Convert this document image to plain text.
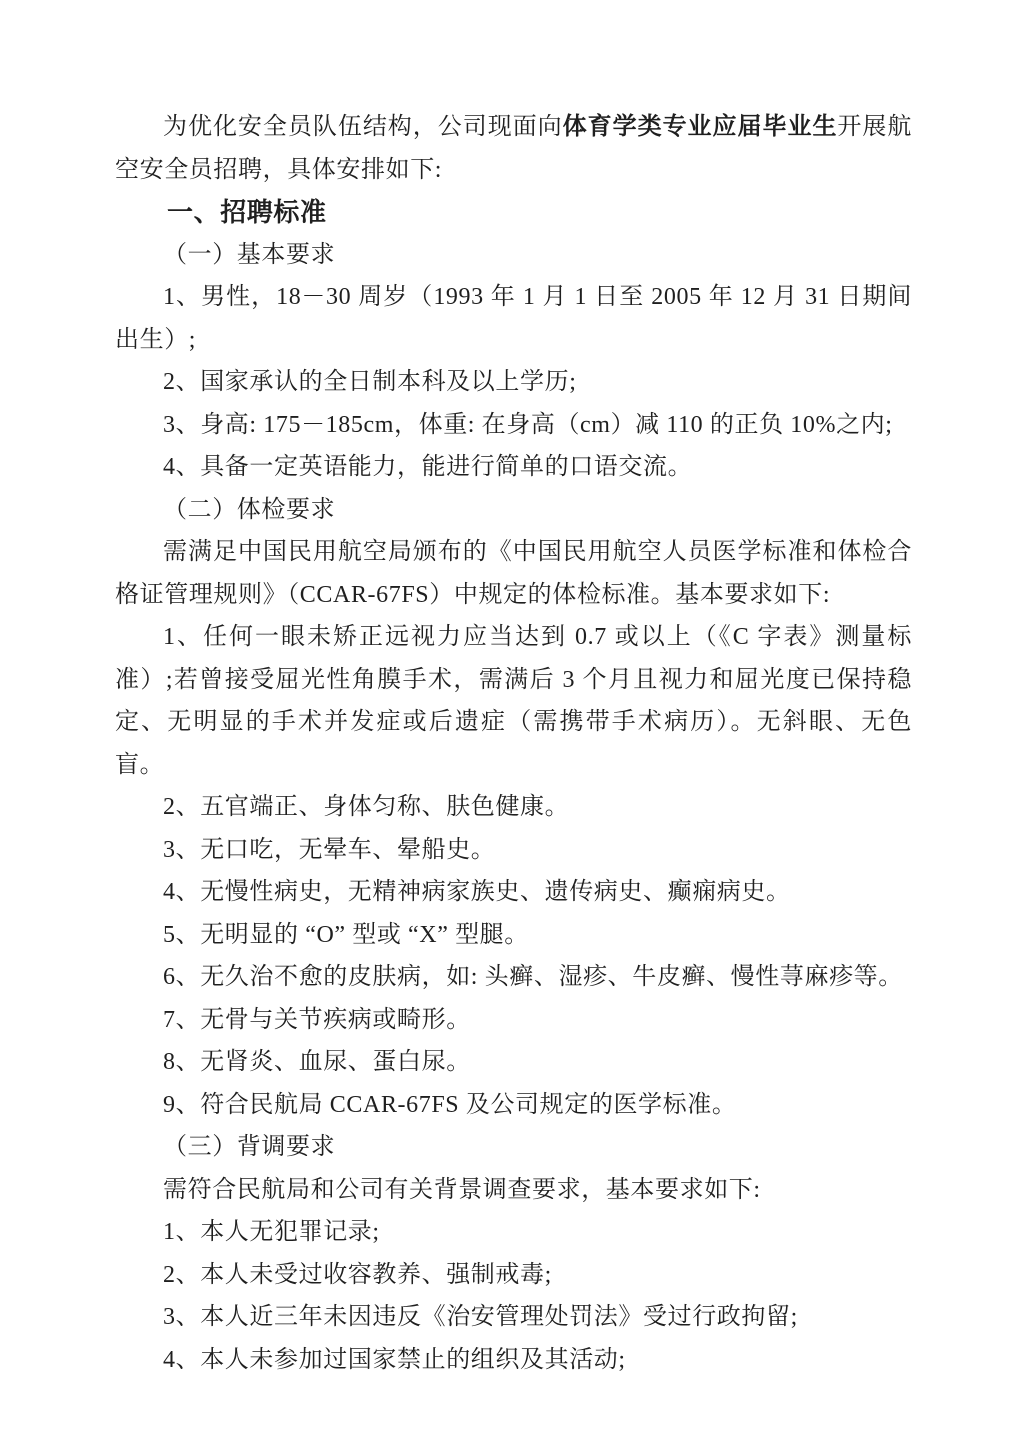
为优化安全员队伍结构，公司现面向体育学类专业应届毕业生开展航空安全员招聘，具体安排如下:

一、招聘标准

（一）基本要求

1、男性，18－30 周岁（1993 年 1 月 1 日至 2005 年 12 月 31 日期间出生）;

2、国家承认的全日制本科及以上学历;

3、身高: 175－185cm，体重: 在身高（cm）减 110 的正负 10%之内;

4、具备一定英语能力，能进行简单的口语交流。

（二）体检要求

需满足中国民用航空局颁布的《中国民用航空人员医学标准和体检合格证管理规则》（CCAR-67FS）中规定的体检标准。基本要求如下:

1、任何一眼未矫正远视力应当达到 0.7 或以上（《C 字表》测量标准）;若曾接受屈光性角膜手术，需满后 3 个月且视力和屈光度已保持稳定、无明显的手术并发症或后遗症（需携带手术病历）。无斜眼、无色盲。

2、五官端正、身体匀称、肤色健康。

3、无口吃，无晕车、晕船史。

4、无慢性病史，无精神病家族史、遗传病史、癫痫病史。

5、无明显的 “O” 型或 “X” 型腿。

6、无久治不愈的皮肤病，如: 头癣、湿疹、牛皮癣、慢性荨麻疹等。

7、无骨与关节疾病或畸形。

8、无肾炎、血尿、蛋白尿。

9、符合民航局 CCAR-67FS 及公司规定的医学标准。

（三）背调要求

需符合民航局和公司有关背景调查要求，基本要求如下:

1、本人无犯罪记录;

2、本人未受过收容教养、强制戒毒;

3、本人近三年未因违反《治安管理处罚法》受过行政拘留;

4、本人未参加过国家禁止的组织及其活动;
